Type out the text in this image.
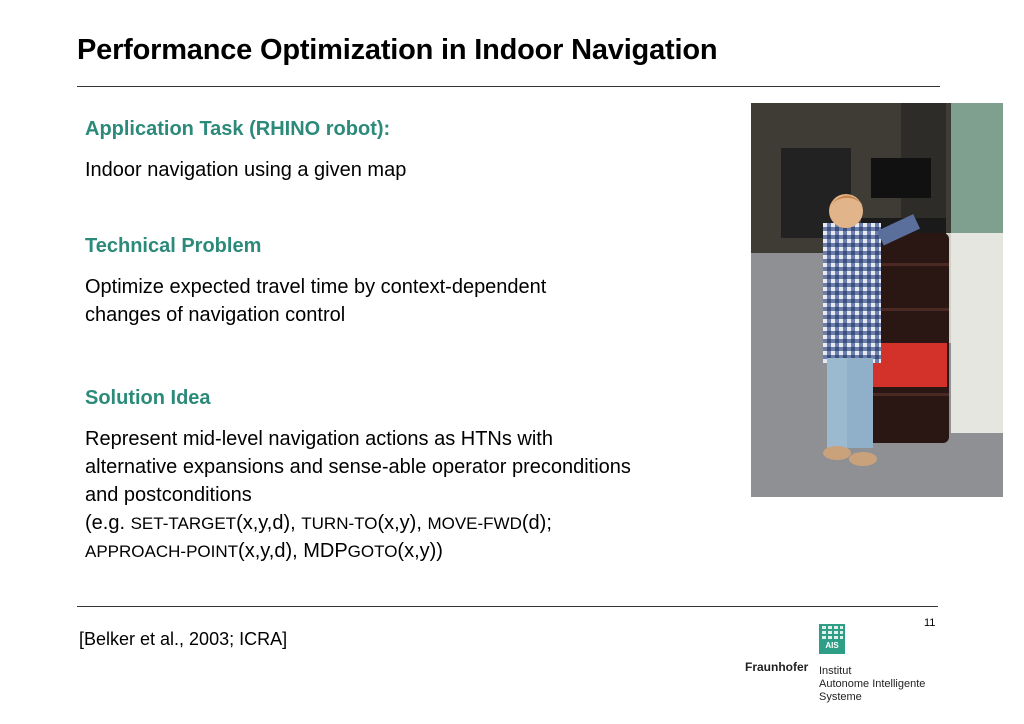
Performance Optimization in Indoor Navigation

Application Task (RHINO robot):

Indoor navigation using a given map

Technical Problem

Optimize expected travel time by context-dependent

changes of navigation control

Solution Idea

Represent mid-level navigation actions as HTNs with

alternative expansions and sense-able operator preconditions

and postconditions

(e.g. SET-TARGET(x,y,d), TURN-TO(x,y), MOVE-FWD(d);

APPROACH-POINT(x,y,d), MDPGOTO(x,y))

11
[Belker et al., 2003; ICRA]	AIS
Fraunhofer Institut
Autonome Intelligente
Systeme
